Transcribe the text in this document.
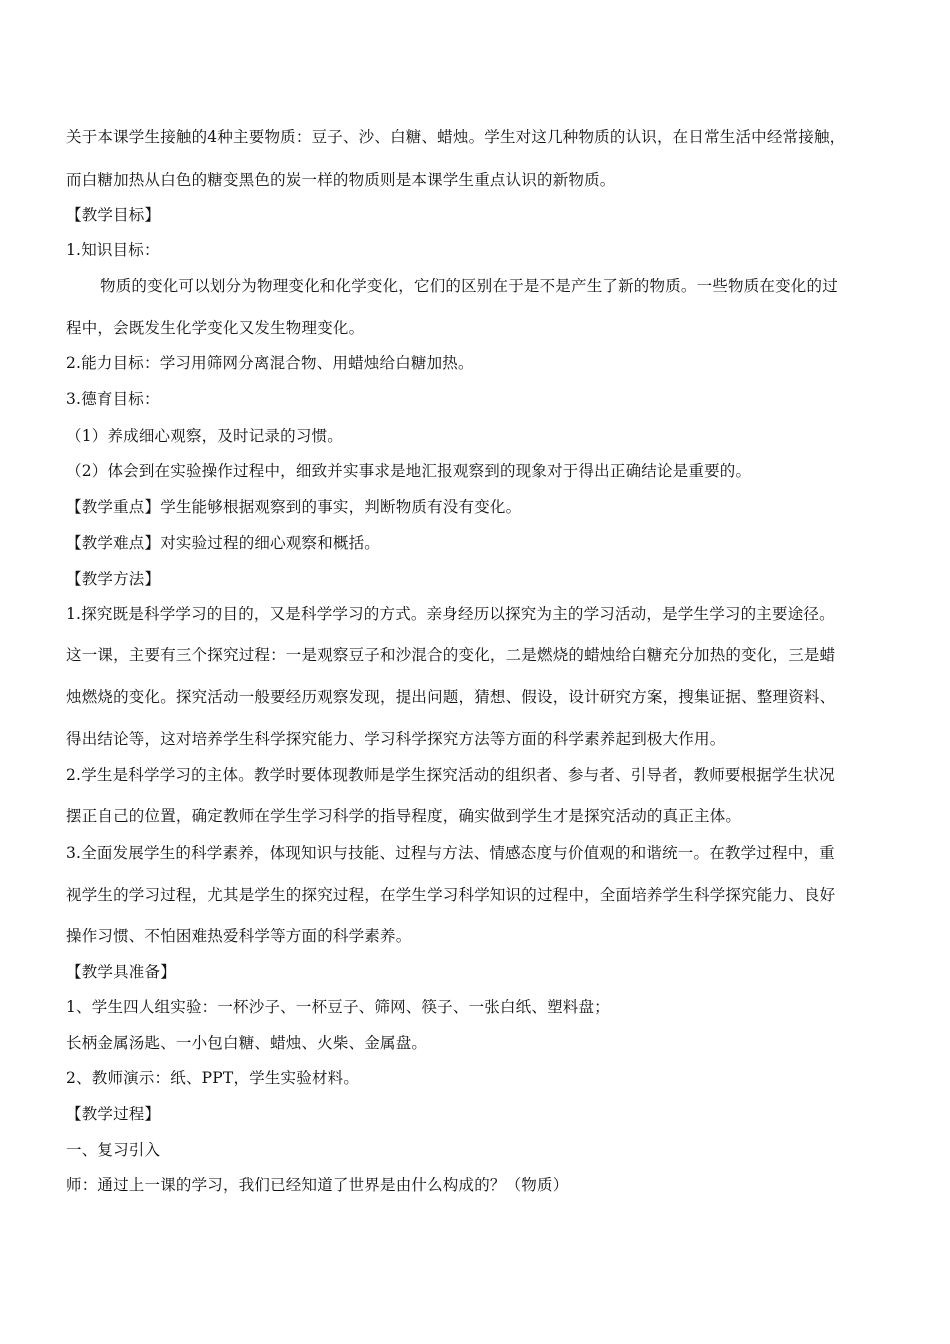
关于本课学生接触的4种主要物质：豆子、沙、白糖、蜡烛。学生对这几种物质的认识，在日常生活中经常接触，
而白糖加热从白色的糖变黑色的炭一样的物质则是本课学生重点认识的新物质。
【教学目标】
1.知识目标：
物质的变化可以划分为物理变化和化学变化，它们的区别在于是不是产生了新的物质。一些物质在变化的过
程中，会既发生化学变化又发生物理变化。
2.能力目标：学习用筛网分离混合物、用蜡烛给白糖加热。
3.德育目标：
（1）养成细心观察，及时记录的习惯。
（2）体会到在实验操作过程中，细致并实事求是地汇报观察到的现象对于得出正确结论是重要的。
【教学重点】学生能够根据观察到的事实，判断物质有没有变化。
【教学难点】对实验过程的细心观察和概括。
【教学方法】
1.探究既是科学学习的目的，又是科学学习的方式。亲身经历以探究为主的学习活动，是学生学习的主要途径。
这一课，主要有三个探究过程：一是观察豆子和沙混合的变化，二是燃烧的蜡烛给白糖充分加热的变化，三是蜡
烛燃烧的变化。探究活动一般要经历观察发现，提出问题，猜想、假设，设计研究方案，搜集证据、整理资料、
得出结论等，这对培养学生科学探究能力、学习科学探究方法等方面的科学素养起到极大作用。
2.学生是科学学习的主体。教学时要体现教师是学生探究活动的组织者、参与者、引导者，教师要根据学生状况
摆正自己的位置，确定教师在学生学习科学的指导程度，确实做到学生才是探究活动的真正主体。
3.全面发展学生的科学素养，体现知识与技能、过程与方法、情感态度与价值观的和谐统一。在教学过程中，重
视学生的学习过程，尤其是学生的探究过程，在学生学习科学知识的过程中，全面培养学生科学探究能力、良好
操作习惯、不怕困难热爱科学等方面的科学素养。
【教学具准备】
1、学生四人组实验：一杯沙子、一杯豆子、筛网、筷子、一张白纸、塑料盘；
长柄金属汤匙、一小包白糖、蜡烛、火柴、金属盘。
2、教师演示：纸、PPT，学生实验材料。
【教学过程】
一、复习引入
师：通过上一课的学习，我们已经知道了世界是由什么构成的？（物质）
